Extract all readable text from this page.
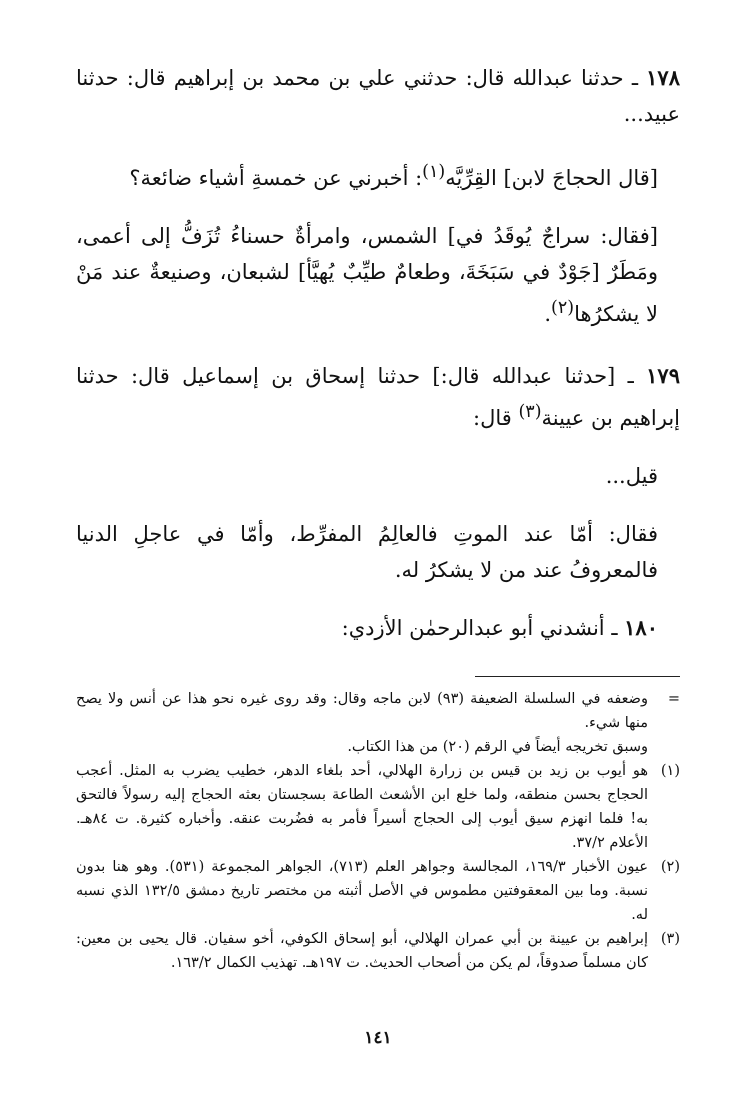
١٧٨ ـ حدثنا عبدالله قال: حدثني علي بن محمد بن إبراهيم قال: حدثنا عبيد...

[قال الحجاجَ لابن] القِرِّيَّه$^{(١)}$: أخبرني عن خمسةِ أشياء ضائعة؟

[فقال: سراجٌ يُوقَدُ في] الشمس، وامرأةٌ حسناءُ تُزَفُّ إلى أعمى، ومَطَرٌ [جَوْدٌ في سَبَخَةَ، وطعامٌ طيِّبٌ يُهيَّأ] لشبعان، وصنيعةٌ عند مَنْ لا يشكرُها$^{(٢)}$.

١٧٩ ـ [حدثنا عبدالله قال:] حدثنا إسحاق بن إسماعيل قال: حدثنا إبراهيم بن عيينة$^{(٣)}$ قال:

قيل...

فقال: أمّا عند الموتِ فالعالِمُ المفرِّط، وأمّا في عاجلِ الدنيا فالمعروفُ عند من لا يشكرُ له.

١٨٠ ـ أنشدني أبو عبدالرحمٰن الأزدي:

=
وضعفه في السلسلة الضعيفة (٩٣) لابن ماجه وقال: وقد روى غيره نحو هذا عن أنس ولا يصح منها شيء.
وسبق تخريجه أيضاً في الرقم (٢٠) من هذا الكتاب.
(١)
هو أيوب بن زيد بن قيس بن زرارة الهلالي، أحد بلغاء الدهر، خطيب يضرب به المثل. أعجب الحجاج بحسن منطقه، ولما خلع ابن الأشعث الطاعة بسجستان بعثه الحجاج إليه رسولاً فالتحق به! فلما انهزم سيق أيوب إلى الحجاج أسيراً فأمر به فضُربت عنقه. وأخباره كثيرة. ت ٨٤هـ. الأعلام ٣٧/٢.
(٢)
عيون الأخبار ١٦٩/٣، المجالسة وجواهر العلم (٧١٣)، الجواهر المجموعة (٥٣١). وهو هنا بدون نسبة. وما بين المعقوفتين مطموس في الأصل أثبته من مختصر تاريخ دمشق ١٣٢/٥ الذي نسبه له.
(٣)
إبراهيم بن عيينة بن أبي عمران الهلالي، أبو إسحاق الكوفي، أخو سفيان. قال يحيى بن معين: كان مسلماً صدوقاً، لم يكن من أصحاب الحديث. ت ١٩٧هـ. تهذيب الكمال ١٦٣/٢.
١٤١
